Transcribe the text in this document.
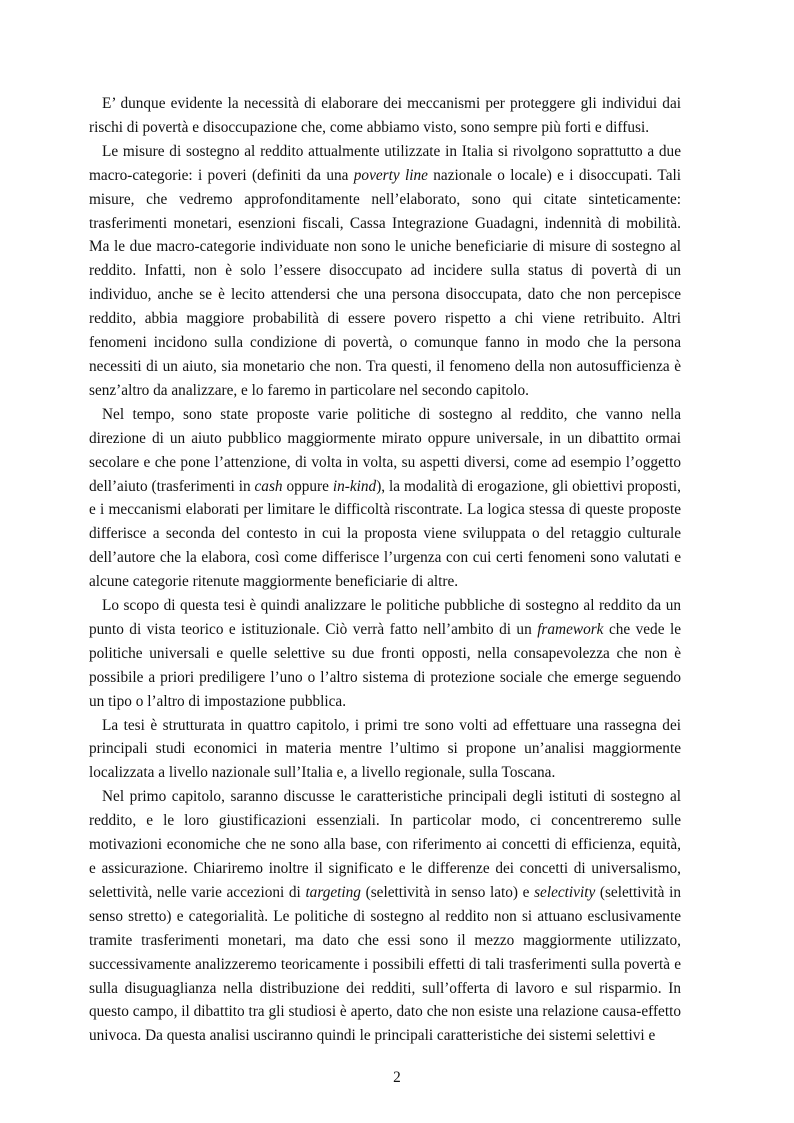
E’ dunque evidente la necessità di elaborare dei meccanismi per proteggere gli individui dai rischi di povertà e disoccupazione che, come abbiamo visto, sono sempre più forti e diffusi.

Le misure di sostegno al reddito attualmente utilizzate in Italia si rivolgono soprattutto a due macro-categorie: i poveri (definiti da una poverty line nazionale o locale) e i disoccupati. Tali misure, che vedremo approfonditamente nell’elaborato, sono qui citate sinteticamente: trasferimenti monetari, esenzioni fiscali, Cassa Integrazione Guadagni, indennità di mobilità. Ma le due macro-categorie individuate non sono le uniche beneficiarie di misure di sostegno al reddito. Infatti, non è solo l’essere disoccupato ad incidere sulla status di povertà di un individuo, anche se è lecito attendersi che una persona disoccupata, dato che non percepisce reddito, abbia maggiore probabilità di essere povero rispetto a chi viene retribuito. Altri fenomeni incidono sulla condizione di povertà, o comunque fanno in modo che la persona necessiti di un aiuto, sia monetario che non. Tra questi, il fenomeno della non autosufficienza è senz’altro da analizzare, e lo faremo in particolare nel secondo capitolo.

Nel tempo, sono state proposte varie politiche di sostegno al reddito, che vanno nella direzione di un aiuto pubblico maggiormente mirato oppure universale, in un dibattito ormai secolare e che pone l’attenzione, di volta in volta, su aspetti diversi, come ad esempio l’oggetto dell’aiuto (trasferimenti in cash oppure in-kind), la modalità di erogazione, gli obiettivi proposti, e i meccanismi elaborati per limitare le difficoltà riscontrate. La logica stessa di queste proposte differisce a seconda del contesto in cui la proposta viene sviluppata o del retaggio culturale dell’autore che la elabora, così come differisce l’urgenza con cui certi fenomeni sono valutati e alcune categorie ritenute maggiormente beneficiarie di altre.

Lo scopo di questa tesi è quindi analizzare le politiche pubbliche di sostegno al reddito da un punto di vista teorico e istituzionale. Ciò verrà fatto nell’ambito di un framework che vede le politiche universali e quelle selettive su due fronti opposti, nella consapevolezza che non è possibile a priori prediligere l’uno o l’altro sistema di protezione sociale che emerge seguendo un tipo o l’altro di impostazione pubblica.

La tesi è strutturata in quattro capitolo, i primi tre sono volti ad effettuare una rassegna dei principali studi economici in materia mentre l’ultimo si propone un’analisi maggiormente localizzata a livello nazionale sull’Italia e, a livello regionale, sulla Toscana.

Nel primo capitolo, saranno discusse le caratteristiche principali degli istituti di sostegno al reddito, e le loro giustificazioni essenziali. In particolar modo, ci concentreremo sulle motivazioni economiche che ne sono alla base, con riferimento ai concetti di efficienza, equità, e assicurazione. Chiariremo inoltre il significato e le differenze dei concetti di universalismo, selettività, nelle varie accezioni di targeting (selettività in senso lato) e selectivity (selettività in senso stretto) e categorialità. Le politiche di sostegno al reddito non si attuano esclusivamente tramite trasferimenti monetari, ma dato che essi sono il mezzo maggiormente utilizzato, successivamente analizzeremo teoricamente i possibili effetti di tali trasferimenti sulla povertà e sulla disuguaglianza nella distribuzione dei redditi, sull’offerta di lavoro e sul risparmio. In questo campo, il dibattito tra gli studiosi è aperto, dato che non esiste una relazione causa-effetto univoca. Da questa analisi usciranno quindi le principali caratteristiche dei sistemi selettivi e

2
